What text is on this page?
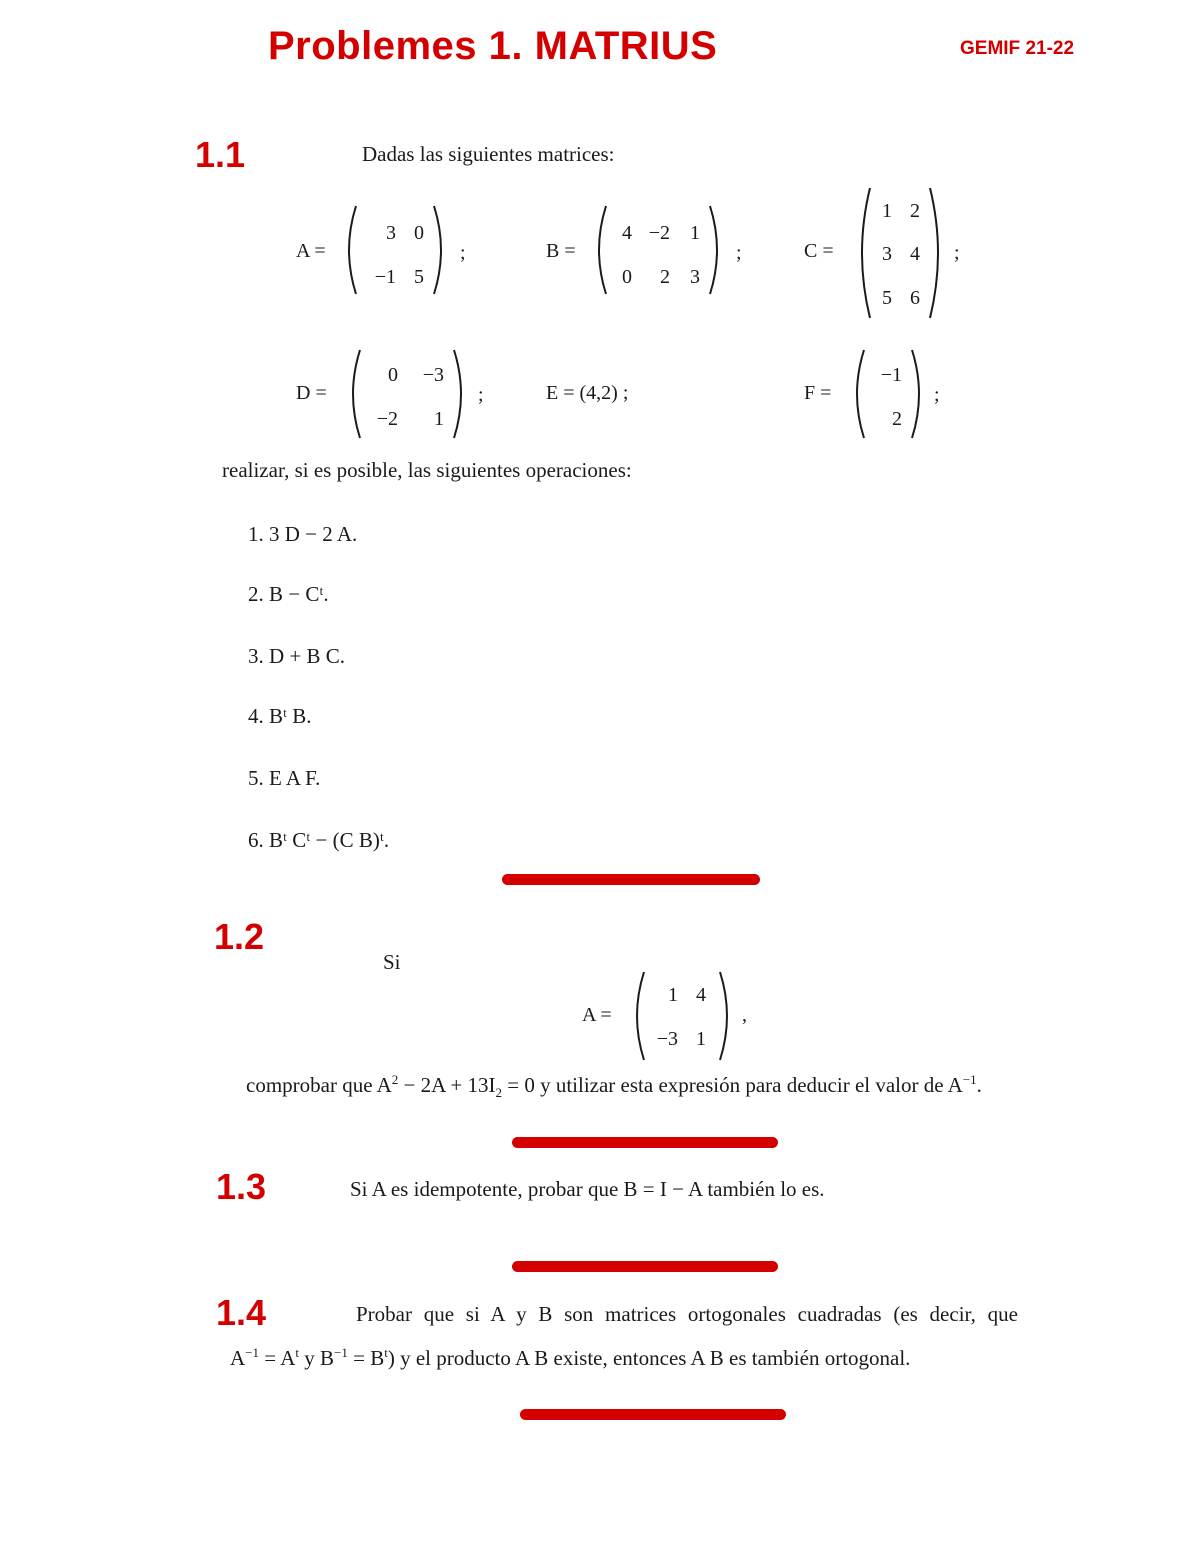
Problemes 1. MATRIUS	GEMIF 21-22
1.1	Dadas las siguientes matrices:
A =
3 0
−1 5
;	B =
4 −2	1
0	2	3
;	C =
1 2
3 4
5 6
;
D =
0	−3
−2	1
;	E = (4,2) ;	F =
−1
2
;
realizar, si es posible, las siguientes operaciones:
1. 3 D − 2 A.
2. B − Cᵗ.
3. D + B C.
4. Bᵗ B.
5. E A F.
6. Bᵗ Cᵗ − (C B)ᵗ.
1.2
Si
A =
1 4
−3 1
,
comprobar que $A^2 - 2A + 13I_2 = 0$ y utilizar esta expresión para deducir el valor de $A^{-1}$.
1.3	Si A es idempotente, probar que B = I − A también lo es.
1.4	Probar que si A y B son matrices ortogonales cuadradas (es decir, que
$A^{-1} = A^t$ y $B^{-1} = B^t$) y el producto A B existe, entonces A B es también ortogonal.
